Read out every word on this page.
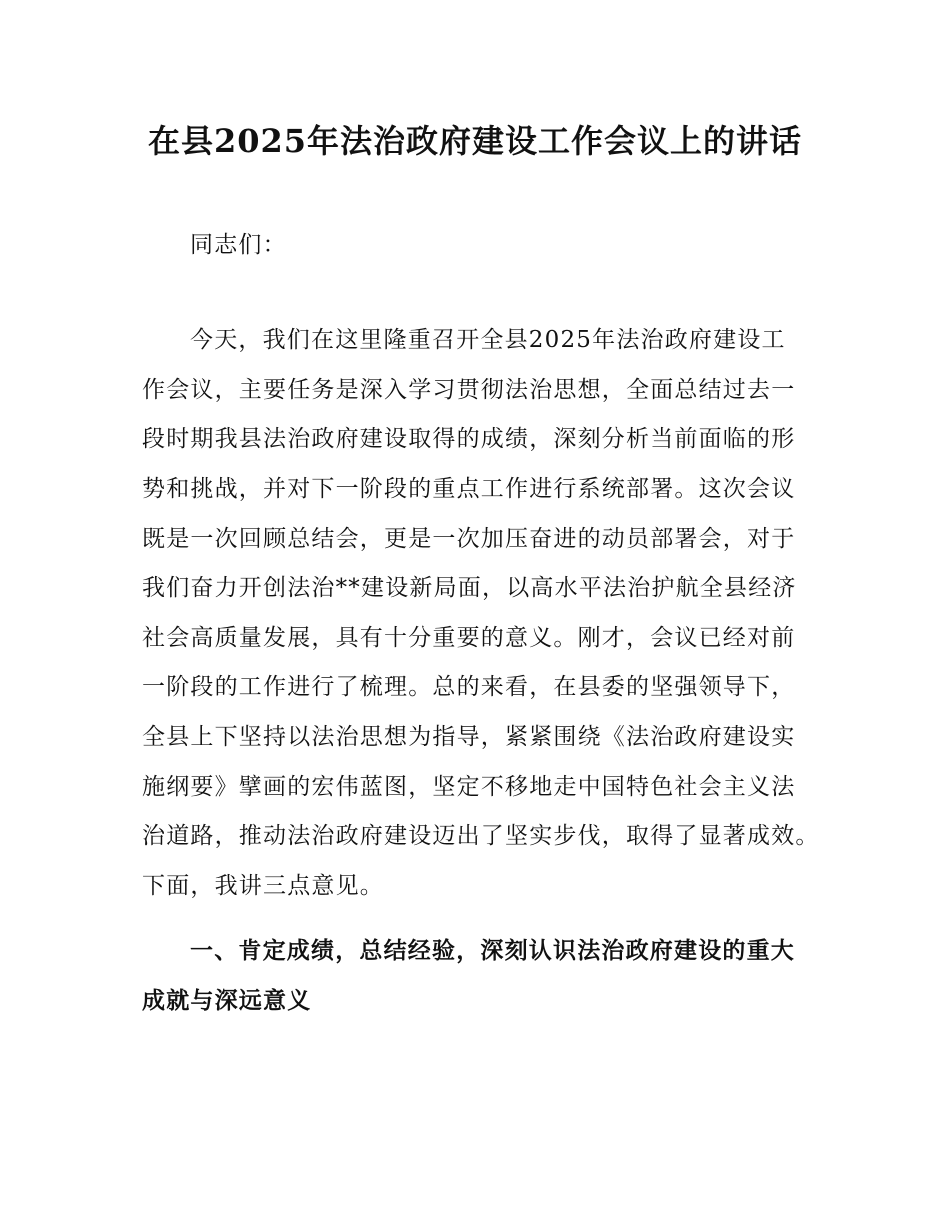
在县2025年法治政府建设工作会议上的讲话
同志们：
今天，我们在这里隆重召开全县2025年法治政府建设工
作会议，主要任务是深入学习贯彻法治思想，全面总结过去一
段时期我县法治政府建设取得的成绩，深刻分析当前面临的形
势和挑战，并对下一阶段的重点工作进行系统部署。这次会议
既是一次回顾总结会，更是一次加压奋进的动员部署会，对于
我们奋力开创法治**建设新局面，以高水平法治护航全县经济
社会高质量发展，具有十分重要的意义。刚才，会议已经对前
一阶段的工作进行了梳理。总的来看，在县委的坚强领导下，
全县上下坚持以法治思想为指导，紧紧围绕《法治政府建设实
施纲要》擘画的宏伟蓝图，坚定不移地走中国特色社会主义法
治道路，推动法治政府建设迈出了坚实步伐，取得了显著成效。
下面，我讲三点意见。
一、肯定成绩，总结经验，深刻认识法治政府建设的重大
成就与深远意义
